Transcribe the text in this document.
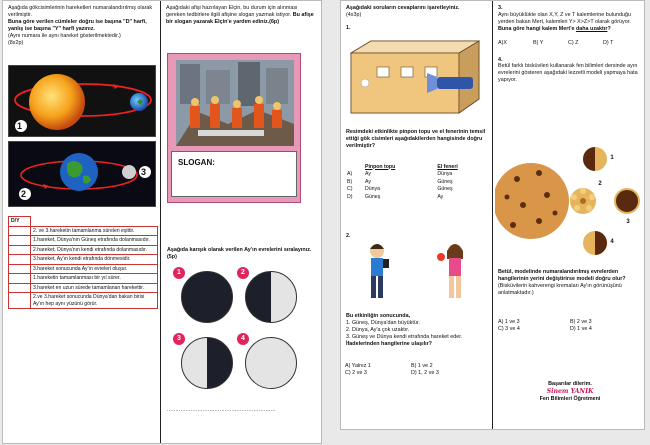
Aşağıda gökcisimlerinin hareketleri numaralandırılmış olarak verilmiştir.
Buna göre verilen cümleler doğru ise başına "D" harfi, yanlış ise başına "Y" harfi yazınız.
(Aynı numara ile aynı hareket gösterilmektedir.)
(8x2p)
1
2
3
D/Y	
	2. ve 3.hareketin tamamlanma süreleri eşittir.
	1.hareket, Dünya'nın Güneş etrafında dolanmasıdır.
	2.hareket, Dünya'nın kendi etrafında dolanmasıdır.
	3.hareket, Ay'ın kendi etrafında dönmesidir.
	3.hareket sonucunda Ay'ın evreleri oluşur.
	1.hareketin tamamlanması bir yıl sürer.
	3.hareket en uzun sürede tamamlanan harekettir.
	2.ve 3.hareket sonucunda Dünya'dan bakan birisi Ay'ın hep aynı yüzünü görür.
Aşağıdaki afişi hazırlayan Elçin, bu durum için alınması gereken tedbirlere ilgili afişine slogan yazmak istiyor. Bu afişe bir slogan yazarak Elçin'e yardım ediniz.(6p)
SLOGAN:
Aşağıda karışık olarak verilen Ay'ın evrelerini sıralayınız.(5p)
1	2
3	4
................................................................
Aşağıdaki soruların cevaplarını işaretleyiniz.
(4x3p)
1.
Resimdeki etkinlikte pinpon topu ve el fenerinin temsil ettiği gök cisimleri aşağıdakilerden hangisinde doğru verilmiştir?
	Pinpon topu	El feneri
A)	Ay	Dünya
B)	Ay	Güneş
C)	Dünya	Güneş
D)	Güneş	Ay
2.
Bu etkinliğin sonucunda,
1. Güneş, Dünya'dan büyüktür.
2. Dünya, Ay'a çok uzaktır.
3. Güneş ve Dünya kendi etrafında hareket eder.
İfadelerinden hangilerine ulaşılır?
A) Yalnız 1	B) 1 ve 2
C) 2 ve 3	D) 1, 2 ve 3
3.
Aynı büyüklükte olan X,Y, Z ve T kalemlerine bulunduğu yerden bakan Mert, kalemleri Y> X>Z>T olarak görüyor.
Buna göre hangi kalem Mert'e daha uzaktır?
A)X	B) Y	C) Z	D) T
4.
Betül farklı bisküvileri kullanarak fen bilimleri dersinde ayın evrelerini gösteren aşağıdaki lezzetli modeli yapmaya hata yapıyor.
1
2
3
4
Betül, modelinde numaralandırılmış evrelerden hangilerinin yerini değiştirirse modeli doğru olur?
(Bisküvilerin kahverengi kremaları Ay'ın görünüşünü anlatmaktadır.)
A) 1 ve 3	B) 2 ve 3
C) 3 ve 4	D) 1 ve 4
Başarılar dilerim.
Sinem YANIK
Fen Bilimleri Öğretmeni
